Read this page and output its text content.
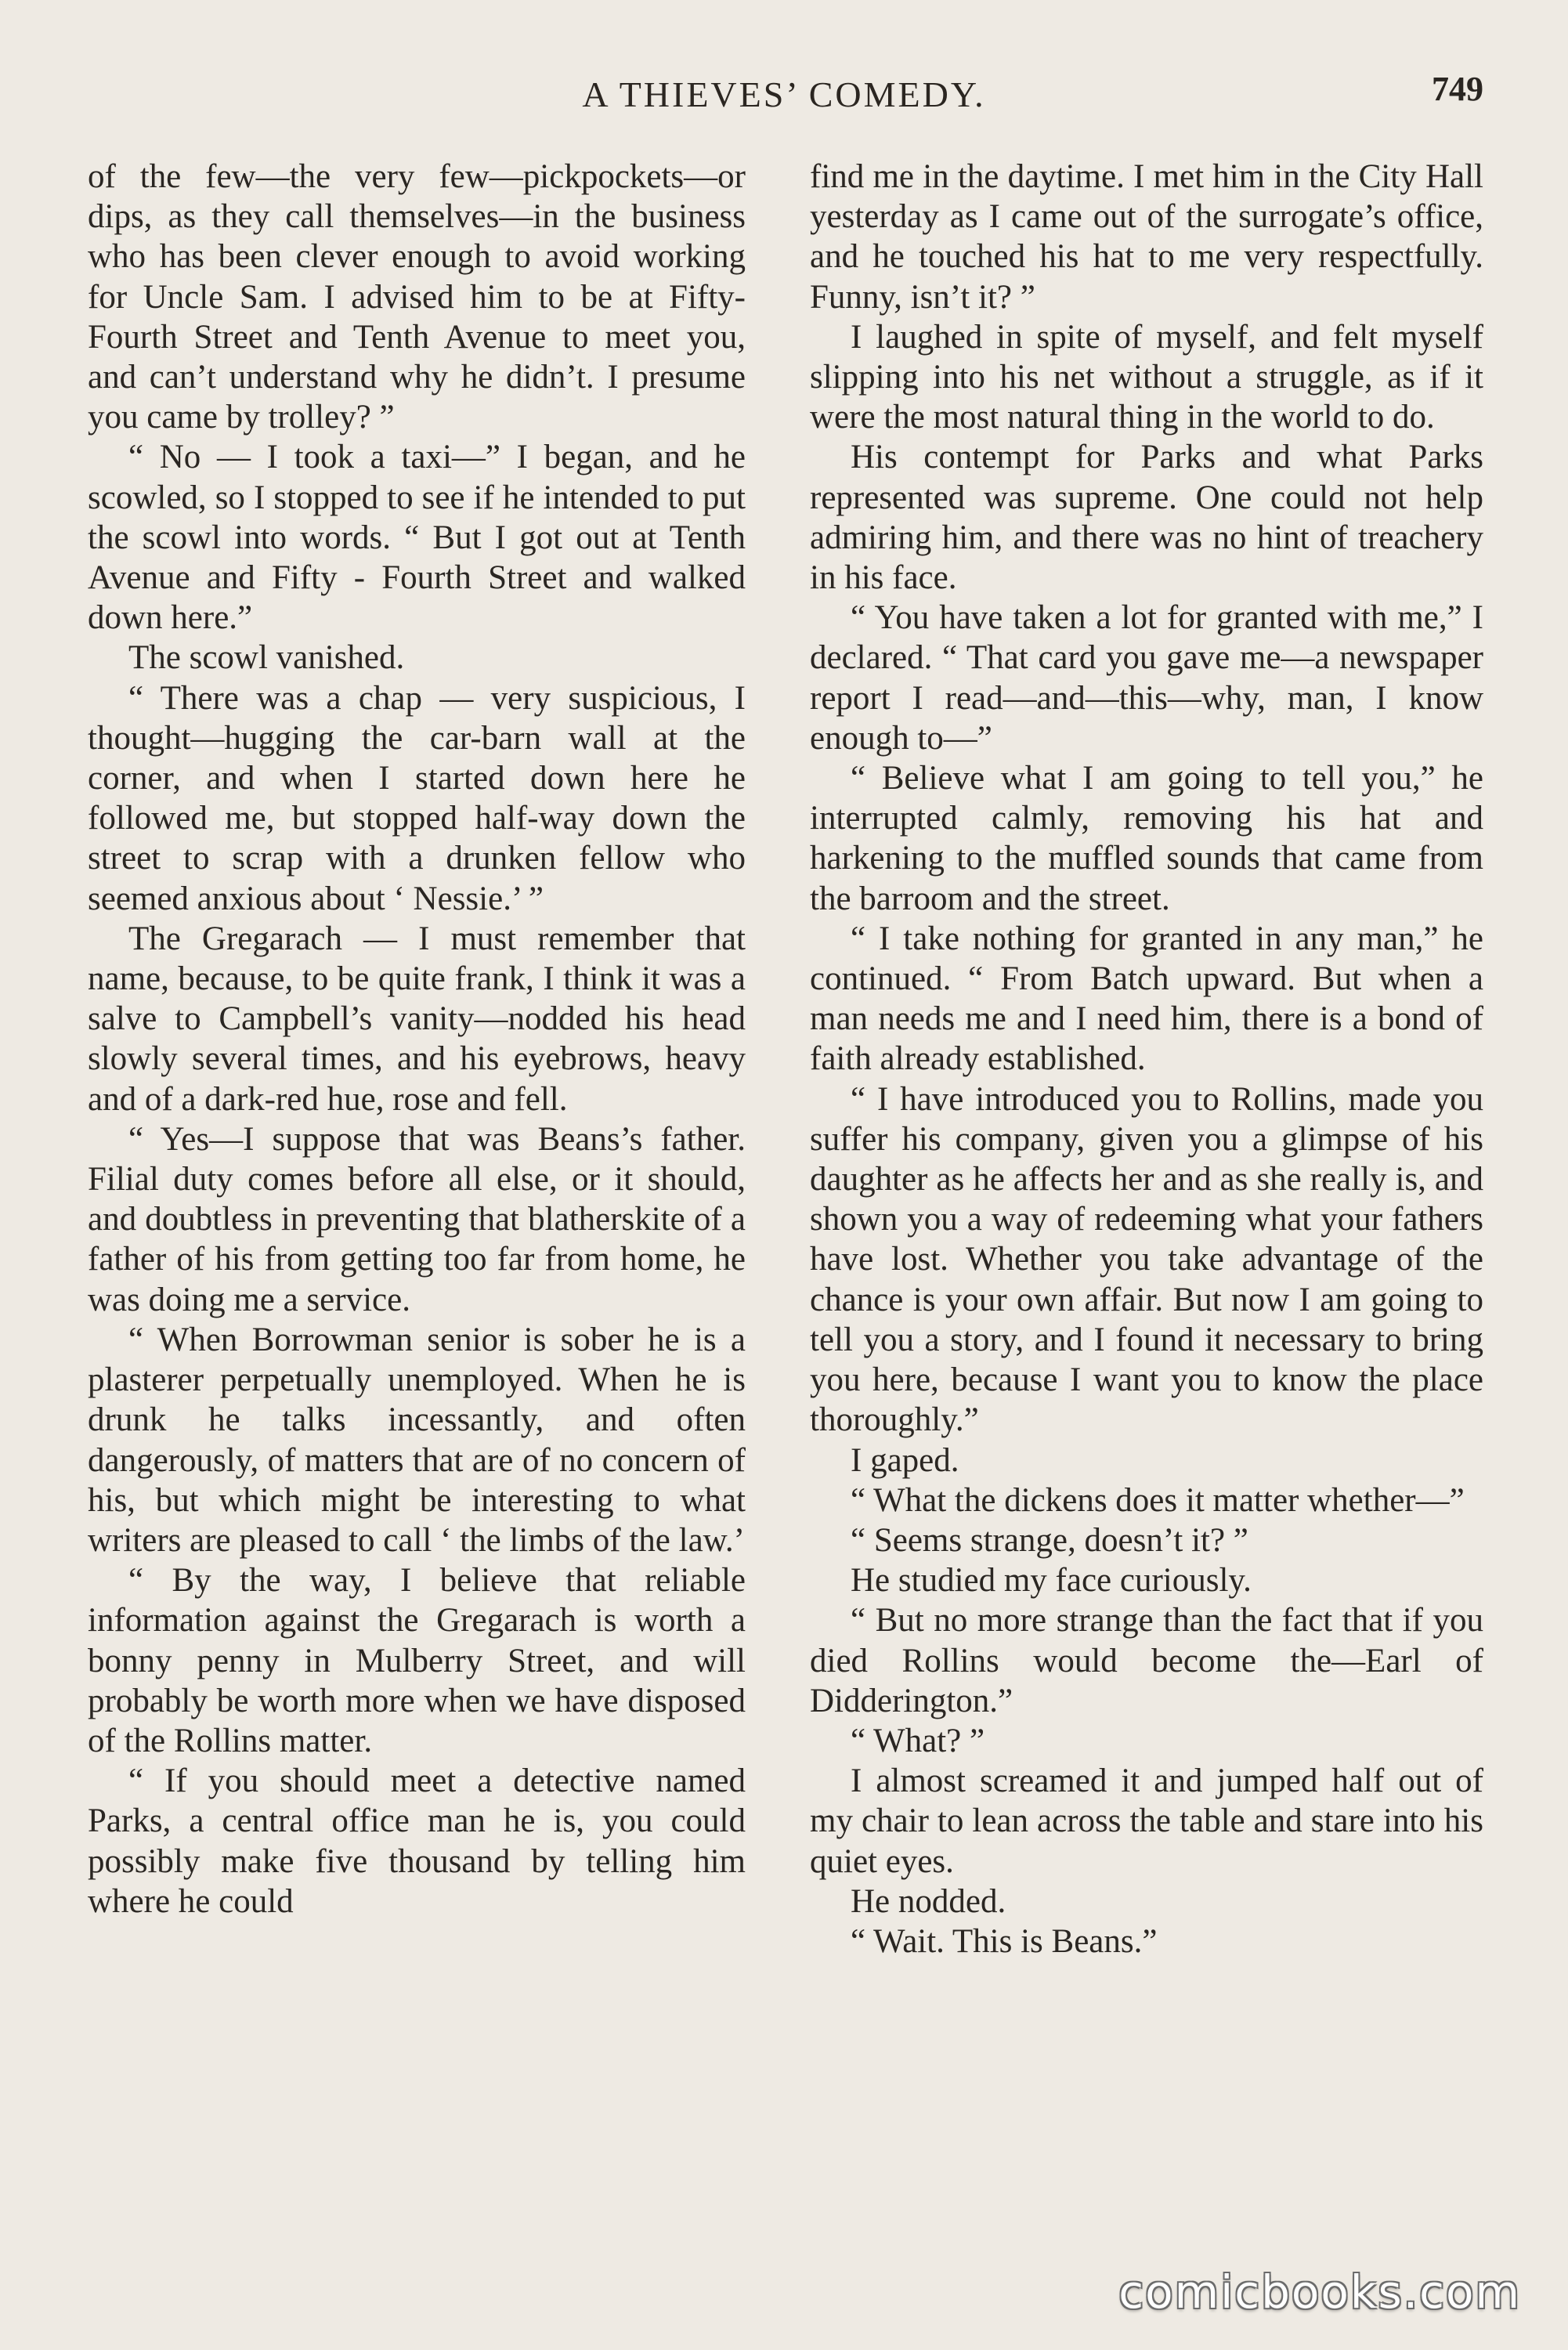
A THIEVES’ COMEDY.	749

of the few—the very few—pickpockets—or dips, as they call themselves—in the business who has been clever enough to avoid working for Uncle Sam. I advised him to be at Fifty-Fourth Street and Tenth Avenue to meet you, and can’t understand why he didn’t. I presume you came by trolley? ”

“ No — I took a taxi—” I began, and he scowled, so I stopped to see if he intended to put the scowl into words. “ But I got out at Tenth Avenue and Fifty - Fourth Street and walked down here.”

The scowl vanished.

“ There was a chap — very suspicious, I thought—hugging the car-barn wall at the corner, and when I started down here he followed me, but stopped half-way down the street to scrap with a drunken fellow who seemed anxious about ‘ Nessie.’ ”

The Gregarach — I must remember that name, because, to be quite frank, I think it was a salve to Campbell’s vanity—nodded his head slowly several times, and his eyebrows, heavy and of a dark-red hue, rose and fell.

“ Yes—I suppose that was Beans’s father. Filial duty comes before all else, or it should, and doubtless in preventing that blatherskite of a father of his from getting too far from home, he was doing me a service.

“ When Borrowman senior is sober he is a plasterer perpetually unemployed. When he is drunk he talks incessantly, and often dangerously, of matters that are of no concern of his, but which might be interesting to what writers are pleased to call ‘ the limbs of the law.’

“ By the way, I believe that reliable information against the Gregarach is worth a bonny penny in Mulberry Street, and will probably be worth more when we have disposed of the Rollins matter.

“ If you should meet a detective named Parks, a central office man he is, you could possibly make five thousand by telling him where he could

find me in the daytime. I met him in the City Hall yesterday as I came out of the surrogate’s office, and he touched his hat to me very respectfully. Funny, isn’t it? ”

I laughed in spite of myself, and felt myself slipping into his net without a struggle, as if it were the most natural thing in the world to do.

His contempt for Parks and what Parks represented was supreme. One could not help admiring him, and there was no hint of treachery in his face.

“ You have taken a lot for granted with me,” I declared. “ That card you gave me—a newspaper report I read—and—this—why, man, I know enough to—”

“ Believe what I am going to tell you,” he interrupted calmly, removing his hat and harkening to the muffled sounds that came from the barroom and the street.

“ I take nothing for granted in any man,” he continued. “ From Batch upward. But when a man needs me and I need him, there is a bond of faith already established.

“ I have introduced you to Rollins, made you suffer his company, given you a glimpse of his daughter as he affects her and as she really is, and shown you a way of redeeming what your fathers have lost. Whether you take advantage of the chance is your own affair. But now I am going to tell you a story, and I found it necessary to bring you here, because I want you to know the place thoroughly.”

I gaped.

“ What the dickens does it matter whether—”

“ Seems strange, doesn’t it? ”

He studied my face curiously.

“ But no more strange than the fact that if you died Rollins would become the—Earl of Didderington.”

“ What? ”

I almost screamed it and jumped half out of my chair to lean across the table and stare into his quiet eyes.

He nodded.

“ Wait. This is Beans.”

comicbooks.com
